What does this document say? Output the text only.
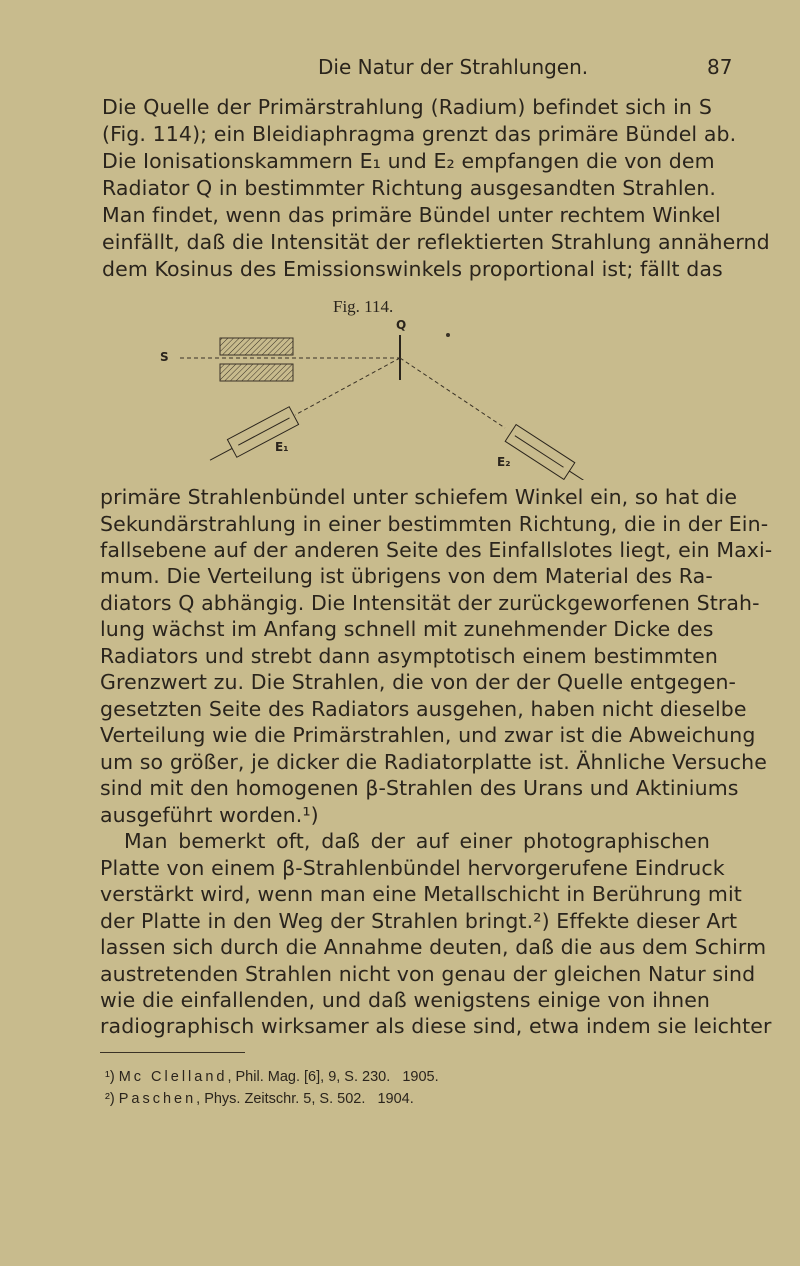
Die Natur der Strahlungen.	87
Die Quelle der Primärstrahlung (Radium) befindet sich in S
(Fig. 114); ein Bleidiaphragma grenzt das primäre Bündel ab.
Die Ionisationskammern E₁ und E₂ empfangen die von dem
Radiator Q in bestimmter Richtung ausgesandten Strahlen.
Man findet, wenn das primäre Bündel unter rechtem Winkel
einfällt, daß die Intensität der reflektierten Strahlung annähernd
dem Kosinus des Emissionswinkels proportional ist; fällt das
Fig. 114.
S
Q
E₁
E₂
primäre Strahlenbündel unter schiefem Winkel ein, so hat die
Sekundärstrahlung in einer bestimmten Richtung, die in der Ein-
fallsebene auf der anderen Seite des Einfallslotes liegt, ein Maxi-
mum. Die Verteilung ist übrigens von dem Material des Ra-
diators Q abhängig. Die Intensität der zurückgeworfenen Strah-
lung wächst im Anfang schnell mit zunehmender Dicke des
Radiators und strebt dann asymptotisch einem bestimmten
Grenzwert zu. Die Strahlen, die von der der Quelle entgegen-
gesetzten Seite des Radiators ausgehen, haben nicht dieselbe
Verteilung wie die Primärstrahlen, und zwar ist die Abweichung
um so größer, je dicker die Radiatorplatte ist. Ähnliche Versuche
sind mit den homogenen β-Strahlen des Urans und Aktiniums
ausgeführt worden.¹)
Man bemerkt oft, daß der auf einer photographischen
Platte von einem β-Strahlenbündel hervorgerufene Eindruck
verstärkt wird, wenn man eine Metallschicht in Berührung mit
der Platte in den Weg der Strahlen bringt.²) Effekte dieser Art
lassen sich durch die Annahme deuten, daß die aus dem Schirm
austretenden Strahlen nicht von genau der gleichen Natur sind
wie die einfallenden, und daß wenigstens einige von ihnen
radiographisch wirksamer als diese sind, etwa indem sie leichter
¹) Mc Clelland, Phil. Mag. [6], 9, S. 230.   1905.
²) Paschen, Phys. Zeitschr. 5, S. 502.   1904.
